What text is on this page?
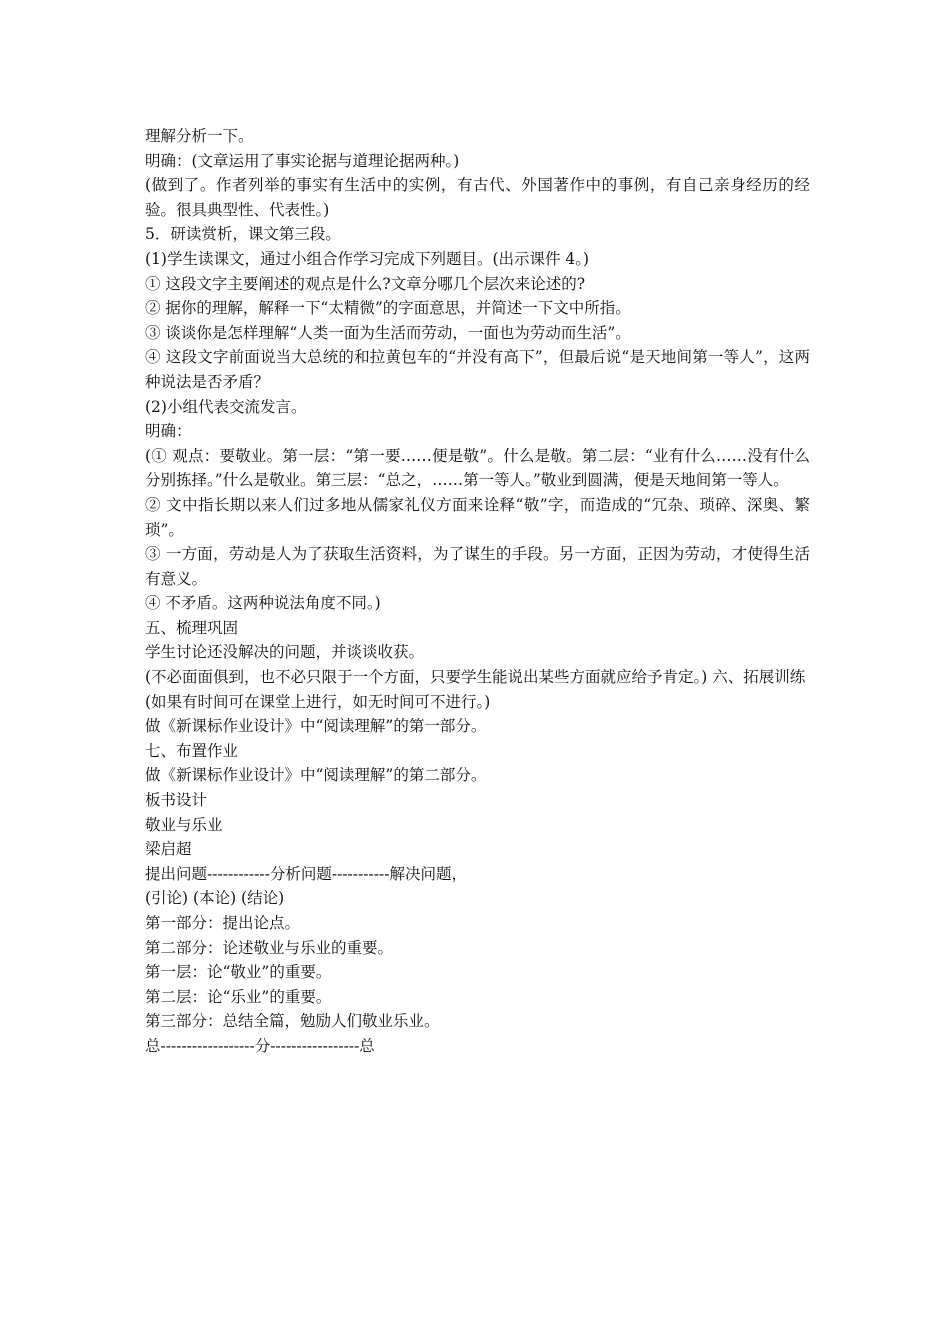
理解分析一下。

明确：(文章运用了事实论据与道理论据两种。)

(做到了。作者列举的事实有生活中的实例，有古代、外国著作中的事例，有自己亲身经历的经验。很具典型性、代表性。)

5．研读赏析，课文第三段。

(1)学生读课文，通过小组合作学习完成下列题目。(出示课件 4。)

① 这段文字主要阐述的观点是什么?文章分哪几个层次来论述的?

② 据你的理解，解释一下“太精微”的字面意思，并简述一下文中所指。

③ 谈谈你是怎样理解“人类一面为生活而劳动，一面也为劳动而生活”。

④ 这段文字前面说当大总统的和拉黄包车的“并没有高下”，但最后说“是天地间第一等人”，这两种说法是否矛盾？

(2)小组代表交流发言。

明确：

(① 观点：要敬业。第一层：“第一要……便是敬”。什么是敬。第二层：“业有什么……没有什么分别拣择。”什么是敬业。第三层：“总之，……第一等人。”敬业到圆满，便是天地间第一等人。

② 文中指长期以来人们过多地从儒家礼仪方面来诠释“敬”字，而造成的“冗杂、琐碎、深奥、繁琐”。

③ 一方面，劳动是人为了获取生活资料，为了谋生的手段。另一方面，正因为劳动，才使得生活有意义。

④ 不矛盾。这两种说法角度不同。)

五、梳理巩固

学生讨论还没解决的问题，并谈谈收获。

(不必面面俱到，也不必只限于一个方面，只要学生能说出某些方面就应给予肯定。) 六、拓展训练

(如果有时间可在课堂上进行，如无时间可不进行。)

做《新课标作业设计》中“阅读理解”的第一部分。

七、布置作业

做《新课标作业设计》中“阅读理解”的第二部分。

板书设计

敬业与乐业

梁启超

提出问题------------分析问题-----------解决问题，

(引论) (本论) (结论)

第一部分：提出论点。

第二部分：论述敬业与乐业的重要。

第一层：论“敬业”的重要。

第二层：论“乐业”的重要。

第三部分：总结全篇，勉励人们敬业乐业。

总------------------分-----------------总
